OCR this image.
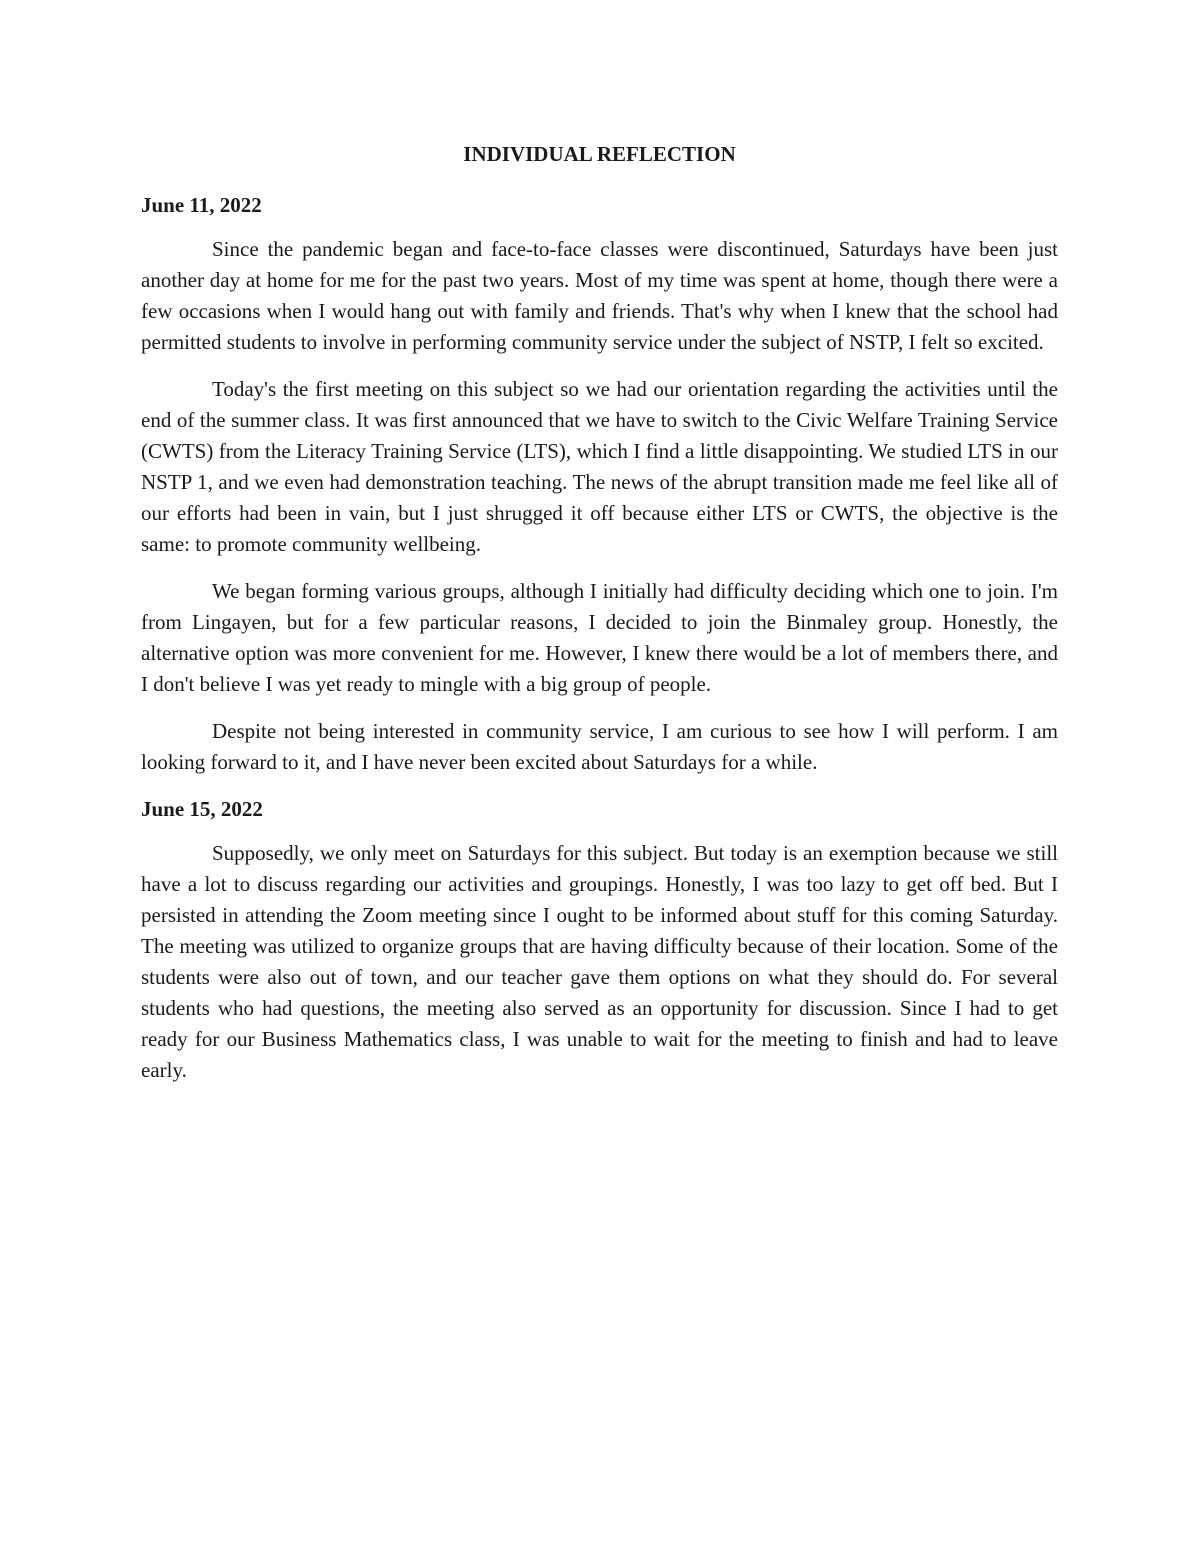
INDIVIDUAL REFLECTION
June 11, 2022

Since the pandemic began and face-to-face classes were discontinued, Saturdays have been just another day at home for me for the past two years. Most of my time was spent at home, though there were a few occasions when I would hang out with family and friends. That's why when I knew that the school had permitted students to involve in performing community service under the subject of NSTP, I felt so excited.

Today's the first meeting on this subject so we had our orientation regarding the activities until the end of the summer class. It was first announced that we have to switch to the Civic Welfare Training Service (CWTS) from the Literacy Training Service (LTS), which I find a little disappointing. We studied LTS in our NSTP 1, and we even had demonstration teaching. The news of the abrupt transition made me feel like all of our efforts had been in vain, but I just shrugged it off because either LTS or CWTS, the objective is the same: to promote community wellbeing.

We began forming various groups, although I initially had difficulty deciding which one to join. I'm from Lingayen, but for a few particular reasons, I decided to join the Binmaley group. Honestly, the alternative option was more convenient for me. However, I knew there would be a lot of members there, and I don't believe I was yet ready to mingle with a big group of people.

Despite not being interested in community service, I am curious to see how I will perform. I am looking forward to it, and I have never been excited about Saturdays for a while.

June 15, 2022

Supposedly, we only meet on Saturdays for this subject. But today is an exemption because we still have a lot to discuss regarding our activities and groupings. Honestly, I was too lazy to get off bed. But I persisted in attending the Zoom meeting since I ought to be informed about stuff for this coming Saturday. The meeting was utilized to organize groups that are having difficulty because of their location. Some of the students were also out of town, and our teacher gave them options on what they should do. For several students who had questions, the meeting also served as an opportunity for discussion. Since I had to get ready for our Business Mathematics class, I was unable to wait for the meeting to finish and had to leave early.
